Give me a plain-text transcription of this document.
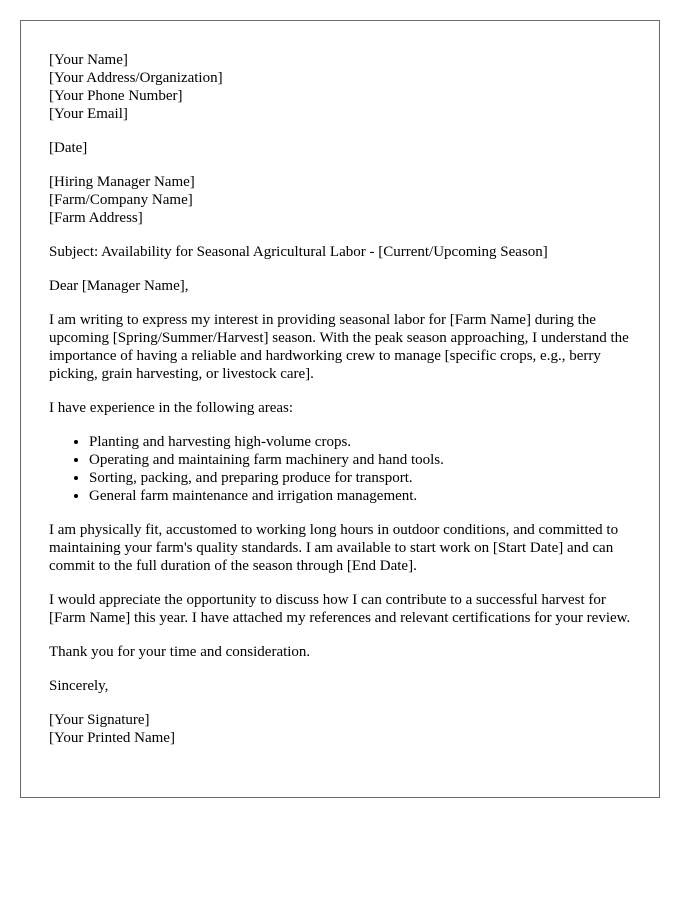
[Your Name]
[Your Address/Organization]
[Your Phone Number]
[Your Email]
[Date]
[Hiring Manager Name]
[Farm/Company Name]
[Farm Address]

Subject: Availability for Seasonal Agricultural Labor - [Current/Upcoming Season]

Dear [Manager Name],

I am writing to express my interest in providing seasonal labor for [Farm Name] during the upcoming [Spring/Summer/Harvest] season. With the peak season approaching, I understand the importance of having a reliable and hardworking crew to manage [specific crops, e.g., berry picking, grain harvesting, or livestock care].

I have experience in the following areas:

• Planting and harvesting high-volume crops.
• Operating and maintaining farm machinery and hand tools.
• Sorting, packing, and preparing produce for transport.
• General farm maintenance and irrigation management.

I am physically fit, accustomed to working long hours in outdoor conditions, and committed to maintaining your farm's quality standards. I am available to start work on [Start Date] and can commit to the full duration of the season through [End Date].

I would appreciate the opportunity to discuss how I can contribute to a successful harvest for [Farm Name] this year. I have attached my references and relevant certifications for your review.

Thank you for your time and consideration.

Sincerely,

[Your Signature]
[Your Printed Name]
